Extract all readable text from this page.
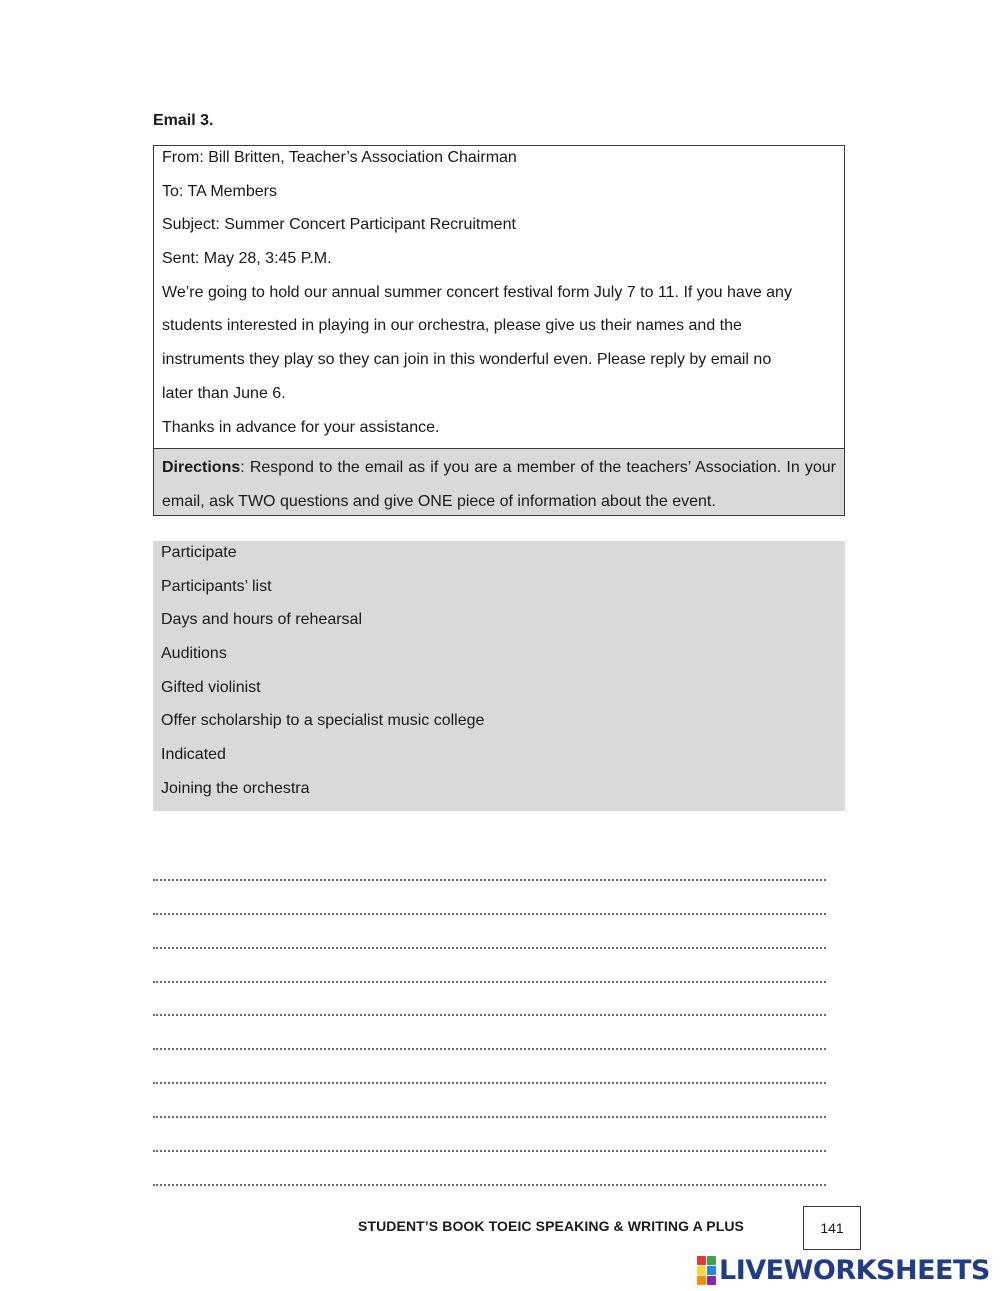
Email 3.
From: Bill Britten, Teacher’s Association Chairman
To: TA Members
Subject: Summer Concert Participant Recruitment
Sent: May 28, 3:45 P.M.
We’re going to hold our annual summer concert festival form July 7 to 11. If you have any
students interested in playing in our orchestra, please give us their names and the
instruments they play so they can join in this wonderful even. Please reply by email no
later than June 6.
Thanks in advance for your assistance.
Directions: Respond to the email as if you are a member of the teachers’ Association. In your email, ask TWO questions and give ONE piece of information about the event.
Participate
Participants’ list
Days and hours of rehearsal
Auditions
Gifted violinist
Offer scholarship to a specialist music college
Indicated
Joining the orchestra
STUDENT’S BOOK TOEIC SPEAKING & WRITING A PLUS	141
LIVEWORKSHEETS
